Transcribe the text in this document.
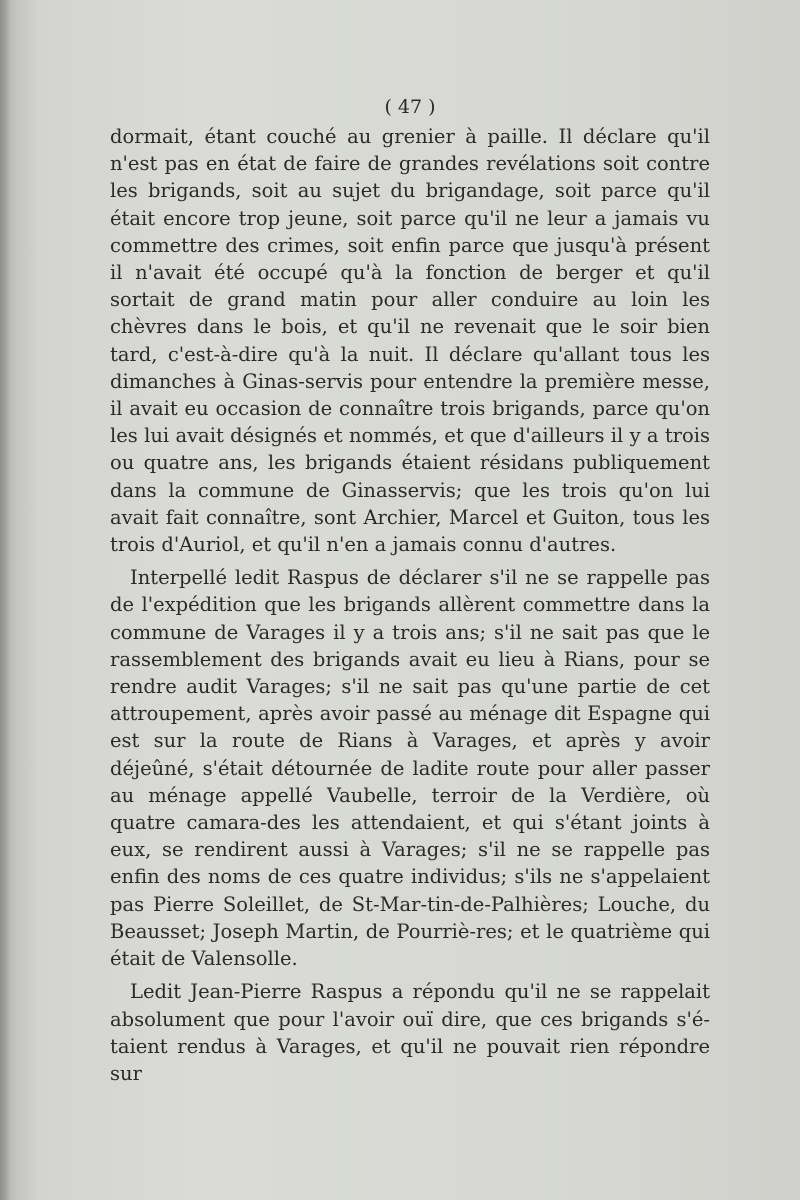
( 47 )

dormait, étant couché au grenier à paille. Il déclare qu'il n'est pas en état de faire de grandes revélations soit contre les brigands, soit au sujet du brigandage, soit parce qu'il était encore trop jeune, soit parce qu'il ne leur a jamais vu commettre des crimes, soit enfin parce que jusqu'à présent il n'avait été occupé qu'à la fonction de berger et qu'il sortait de grand matin pour aller conduire au loin les chèvres dans le bois, et qu'il ne revenait que le soir bien tard, c'est-à-dire qu'à la nuit. Il déclare qu'allant tous les dimanches à Ginas-servis pour entendre la première messe, il avait eu occasion de connaître trois brigands, parce qu'on les lui avait désignés et nommés, et que d'ailleurs il y a trois ou quatre ans, les brigands étaient résidans publiquement dans la commune de Ginasservis; que les trois qu'on lui avait fait connaître, sont Archier, Marcel et Guiton, tous les trois d'Auriol, et qu'il n'en a jamais connu d'autres.

Interpellé ledit Raspus de déclarer s'il ne se rappelle pas de l'expédition que les brigands allèrent commettre dans la commune de Varages il y a trois ans; s'il ne sait pas que le rassemblement des brigands avait eu lieu à Rians, pour se rendre audit Varages; s'il ne sait pas qu'une partie de cet attroupement, après avoir passé au ménage dit Espagne qui est sur la route de Rians à Varages, et après y avoir déjeûné, s'était détournée de ladite route pour aller passer au ménage appellé Vaubelle, terroir de la Verdière, où quatre camara-des les attendaient, et qui s'étant joints à eux, se rendirent aussi à Varages; s'il ne se rappelle pas enfin des noms de ces quatre individus; s'ils ne s'appelaient pas Pierre Soleillet, de St-Mar-tin-de-Palhières; Louche, du Beausset; Joseph Martin, de Pourriè-res; et le quatrième qui était de Valensolle.

Ledit Jean-Pierre Raspus a répondu qu'il ne se rappelait absolument que pour l'avoir ouï dire, que ces brigands s'é-taient rendus à Varages, et qu'il ne pouvait rien répondre sur
